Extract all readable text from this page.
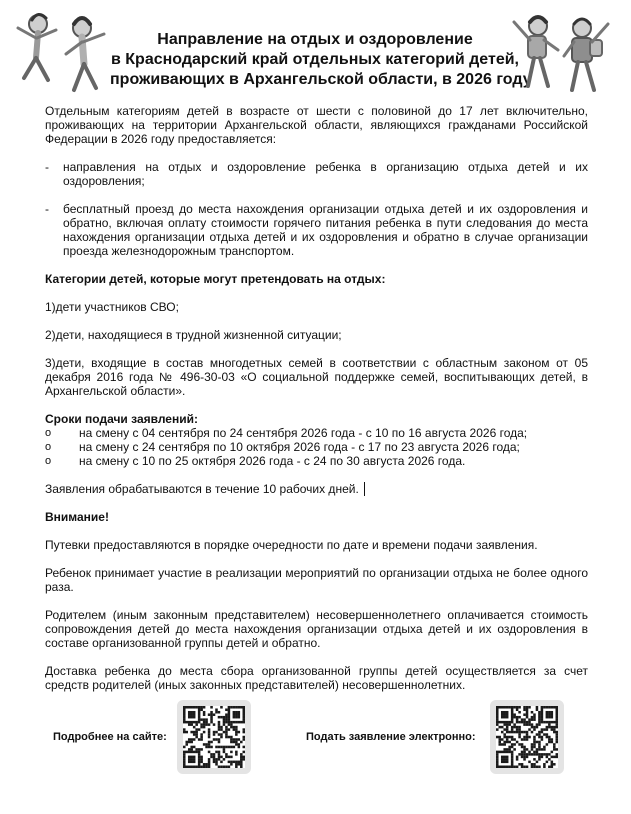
Направление на отдых и оздоровление
в Краснодарский край отдельных категорий детей,
проживающих в Архангельской области, в 2026 году

Отдельным категориям детей в возрасте от шести с половиной до 17 лет включительно, проживающих на территории Архангельской области, являющихся гражданами Российской Федерации в 2026 году предоставляется:

-	направления на отдых и оздоровление ребенка в организацию отдыха детей и их оздоровления;
-	бесплатный проезд до места нахождения организации отдыха детей и их оздоровления и обратно, включая оплату стоимости горячего питания ребенка в пути следования до места нахождения организации отдыха детей и их оздоровления и обратно в случае организации проезда железнодорожным транспортом.

Категории детей, которые могут претендовать на отдых:

1)дети участников СВО;

2)дети, находящиеся в трудной жизненной ситуации;

3)дети, входящие в состав многодетных семей в соответствии с областным законом от 05 декабря 2016 года № 496-30-03 «О социальной поддержке семей, воспитывающих детей, в Архангельской области».

Сроки подачи заявлений:

o	на смену с 04 сентября по 24 сентября 2026 года - с 10 по 16 августа 2026 года;
o	на смену с 24 сентября по 10 октября 2026 года - с 17 по 23 августа 2026 года;
o	на смену с 10 по 25 октября 2026 года - с 24 по 30 августа 2026 года.

Заявления обрабатываются в течение 10 рабочих дней.

Внимание!

Путевки предоставляются в порядке очередности по дате и времени подачи заявления.

Ребенок принимает участие в реализации мероприятий по организации отдыха не более одного раза.

Родителем (иным законным представителем) несовершеннолетнего оплачивается стоимость сопровождения детей до места нахождения организации отдыха детей и их оздоровления в составе организованной группы детей и обратно.

Доставка ребенка до места сбора организованной группы детей осуществляется за счет средств родителей (иных законных представителей) несовершеннолетних.

Подробнее на сайте:	Подать заявление электронно:
